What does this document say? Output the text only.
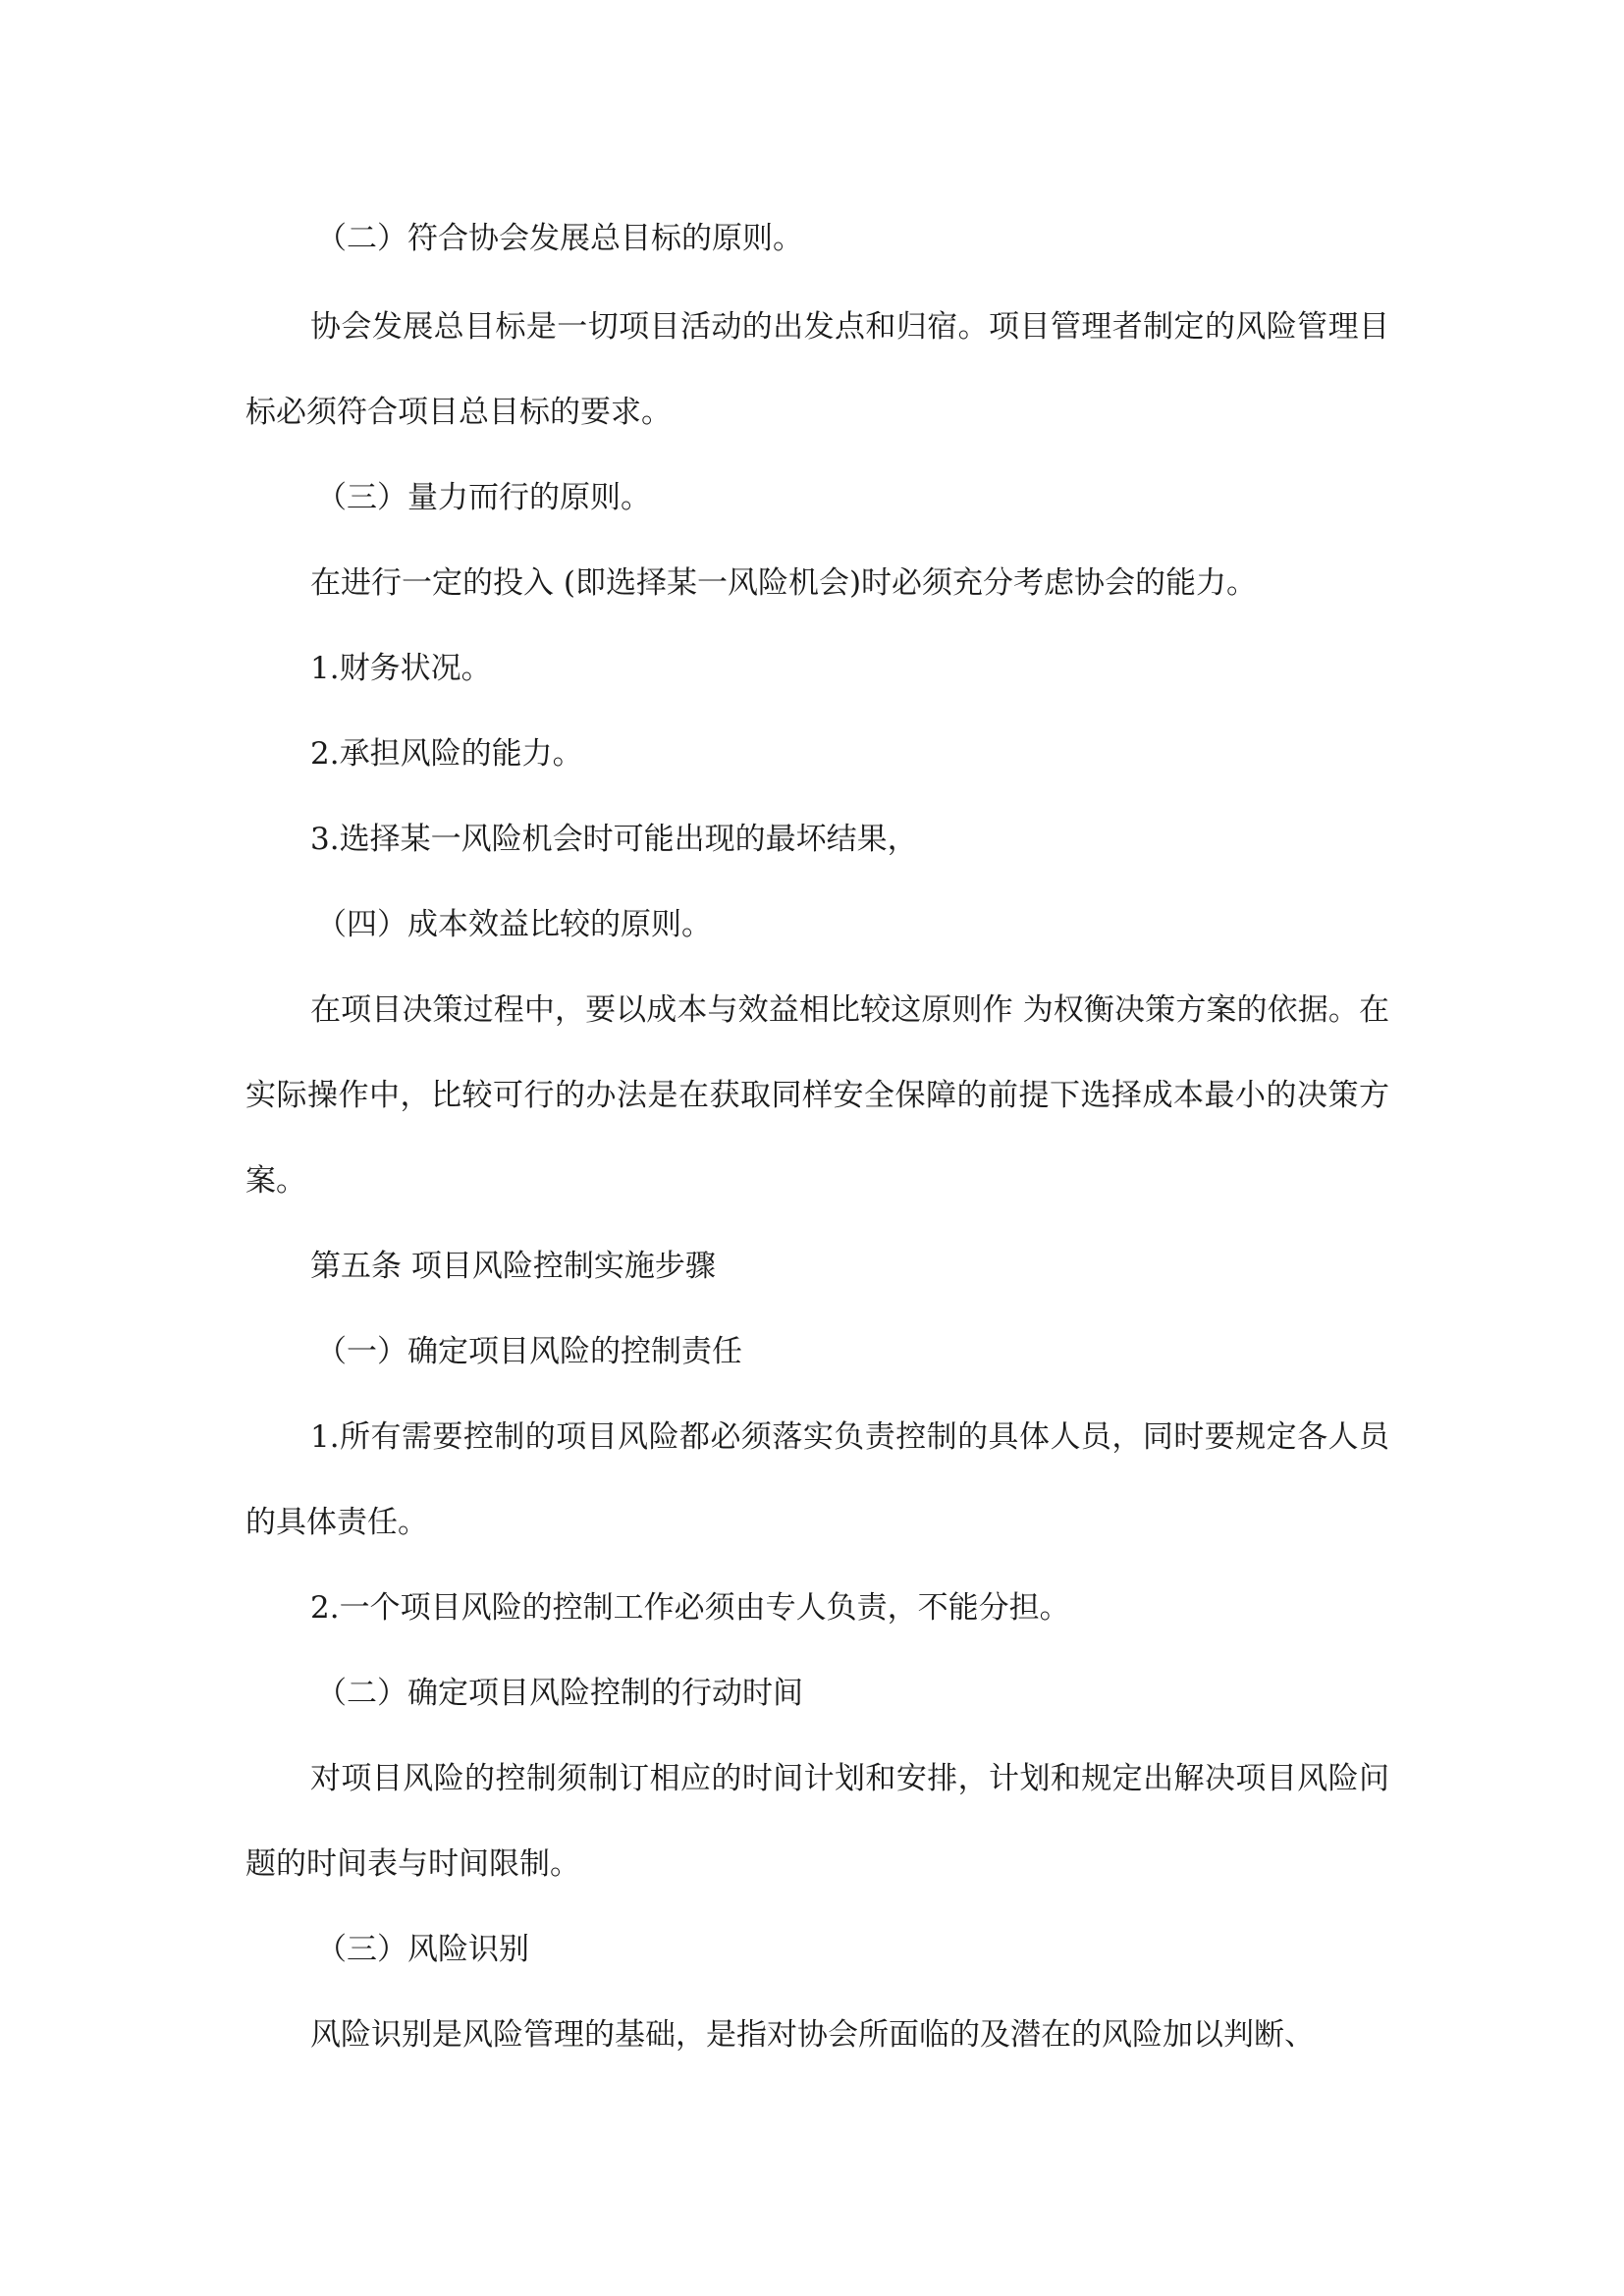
（二）符合协会发展总目标的原则。

协会发展总目标是一切项目活动的出发点和归宿。项目管理者制定的风险管理目标必须符合项目总目标的要求。

（三）量力而行的原则。

在进行一定的投入 (即选择某一风险机会)时必须充分考虑协会的能力。

1.财务状况。

2.承担风险的能力。

3.选择某一风险机会时可能出现的最坏结果，

（四）成本效益比较的原则。

在项目决策过程中，要以成本与效益相比较这原则作 为权衡决策方案的依据。在实际操作中，比较可行的办法是在获取同样安全保障的前提下选择成本最小的决策方案。

第五条 项目风险控制实施步骤

（一）确定项目风险的控制责任

1.所有需要控制的项目风险都必须落实负责控制的具体人员，同时要规定各人员的具体责任。

2.一个项目风险的控制工作必须由专人负责，不能分担。

（二）确定项目风险控制的行动时间

对项目风险的控制须制订相应的时间计划和安排，计划和规定出解决项目风险问题的时间表与时间限制。

（三）风险识别

风险识别是风险管理的基础，是指对协会所面临的及潜在的风险加以判断、
